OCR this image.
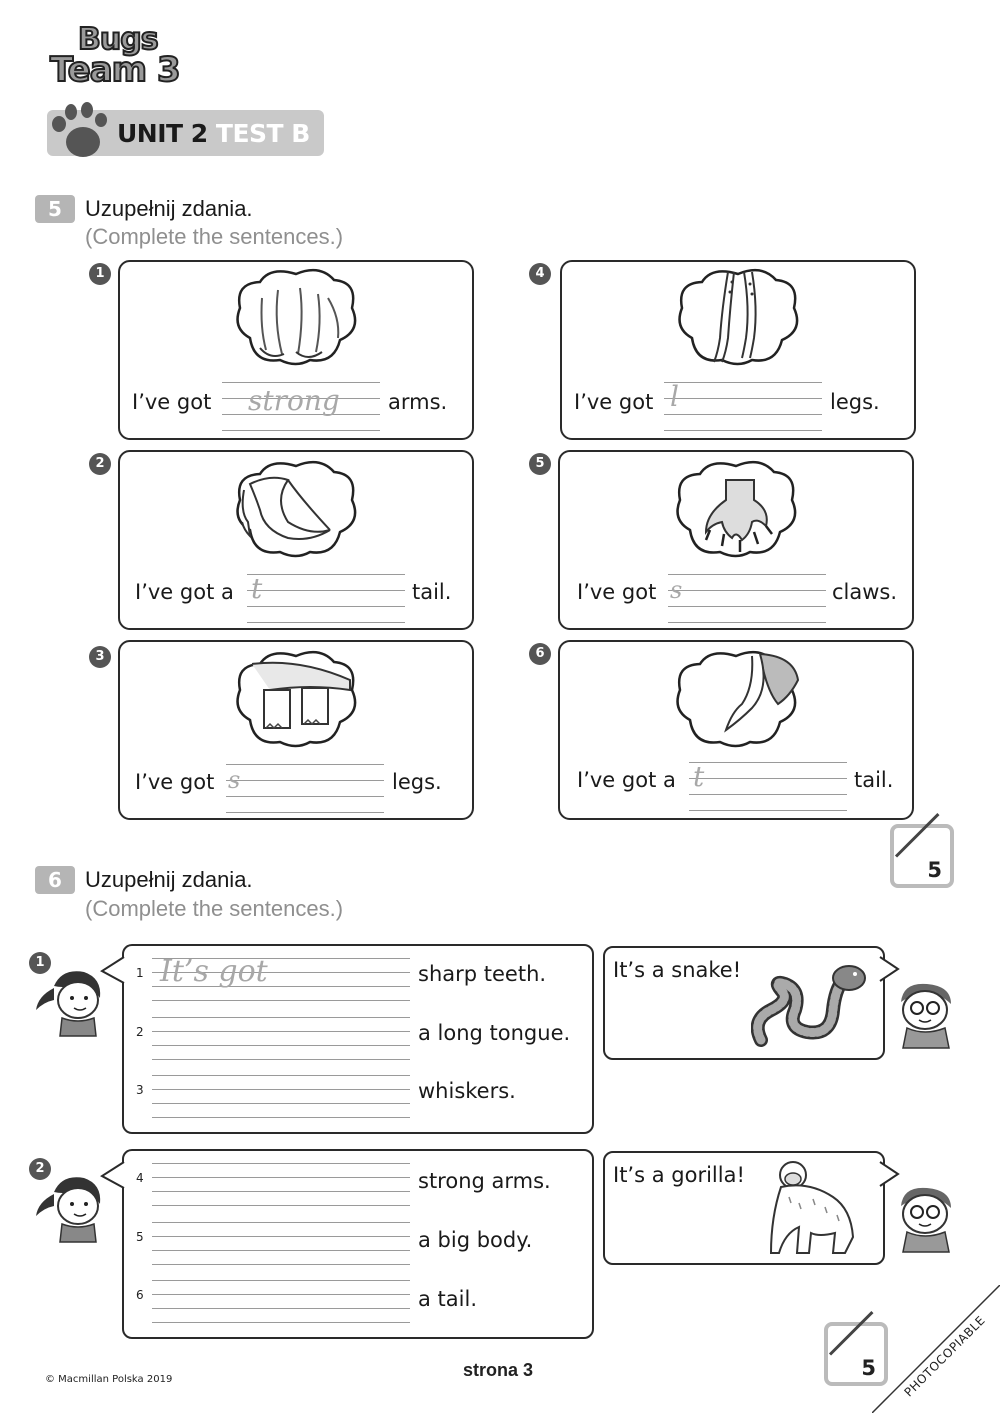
Bugs
Team 3
UNIT 2 TEST B
5	Uzupełnij zdania.
(Complete the sentences.)
1
I’ve got strong arms.
2
I’ve got a t	tail.
3
I’ve got s	legs.
4
I’ve got l	legs.
5
I’ve got s	claws.
6
I’ve got a t	tail.
5
6	Uzupełnij zdania.
(Complete the sentences.)
1
1 It’s got	sharp teeth.
2	a long tongue.
3	whiskers.
It’s a snake!
2
4	strong arms.
5	a big body.
6	a tail.
It’s a gorilla!
5
© Macmillan Polska 2019	strona 3	PHOTOCOPIABLE
